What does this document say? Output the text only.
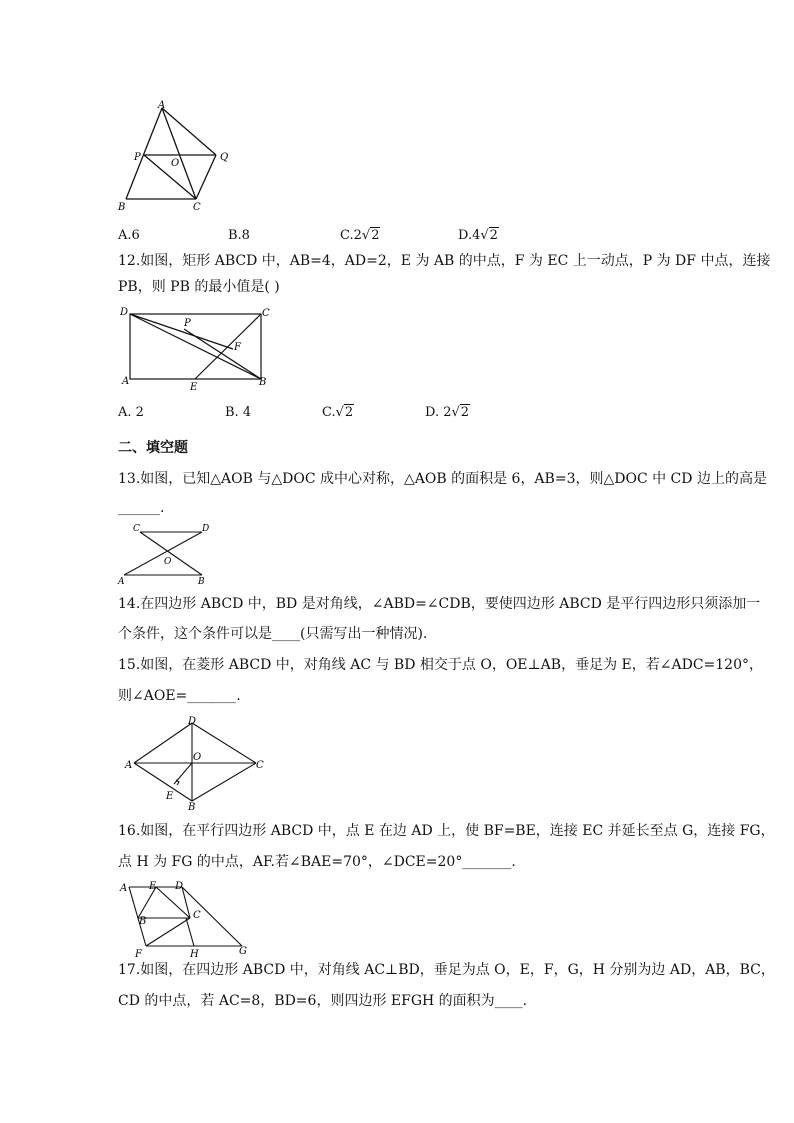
A
P
O
Q
B	C
A.6	B.8	C.2√2	D.4√2
12.如图，矩形 ABCD 中，AB=4，AD=2，E 为 AB 的中点，F 为 EC 上一动点，P 为 DF 中点，连接
PB，则 PB 的最小值是( )
D
P
C
F
A
E	B
A. 2	B. 4	C.√2	D. 2√2
二、填空题
13.如图，已知△AOB 与△DOC 成中心对称，△AOB 的面积是 6，AB=3，则△DOC 中 CD 边上的高是
______.
C	D
O
A	B
14.在四边形 ABCD 中，BD 是对角线，∠ABD=∠CDB，要使四边形 ABCD 是平行四边形只须添加一
个条件，这个条件可以是____(只需写出一种情况).
15.如图，在菱形 ABCD 中，对角线 AC 与 BD 相交于点 O，OE⊥AB，垂足为 E，若∠ADC=120°，
则∠AOE=_______.
D
A
O
C
E
B
16.如图，在平行四边形 ABCD 中，点 E 在边 AD 上，使 BF=BE，连接 EC 并延长至点 G，连接 FG，
点 H 为 FG 的中点，AF.若∠BAE=70°，∠DCE=20°_______.
A E D
B
C
F	H	G
17.如图，在四边形 ABCD 中，对角线 AC⊥BD，垂足为点 O，E，F，G，H 分别为边 AD，AB，BC，
CD 的中点，若 AC=8，BD=6，则四边形 EFGH 的面积为____.
